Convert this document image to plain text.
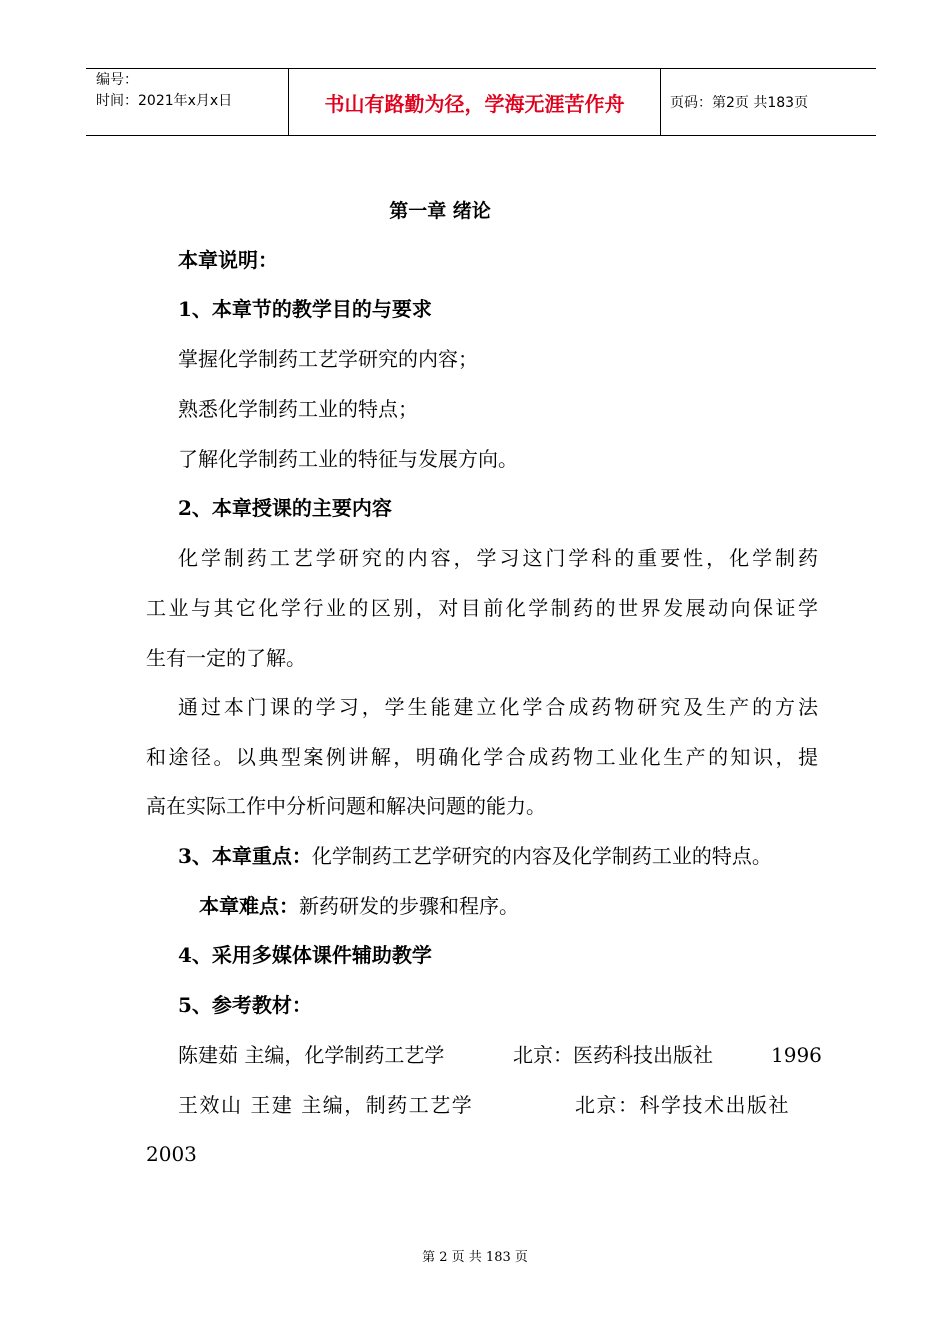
编号：
时间：2021年x月x日	书山有路勤为径，学海无涯苦作舟	页码：第2页 共183页
第一章 绪论
本章说明：
1、本章节的教学目的与要求
掌握化学制药工艺学研究的内容；
熟悉化学制药工业的特点；
了解化学制药工业的特征与发展方向。
2、本章授课的主要内容
化学制药工艺学研究的内容，学习这门学科的重要性，化学制药
工业与其它化学行业的区别，对目前化学制药的世界发展动向保证学
生有一定的了解。
通过本门课的学习，学生能建立化学合成药物研究及生产的方法
和途径。以典型案例讲解，明确化学合成药物工业化生产的知识，提
高在实际工作中分析问题和解决问题的能力。
3、本章重点：化学制药工艺学研究的内容及化学制药工业的特点。
本章难点：新药研发的步骤和程序。
4、采用多媒体课件辅助教学
5、参考教材：
陈建茹 主编，化学制药工艺学	北京：医药科技出版社	1996
王效山 王建 主编，制药工艺学	北京：科学技术出版社
2003
第 2 页 共 183 页
